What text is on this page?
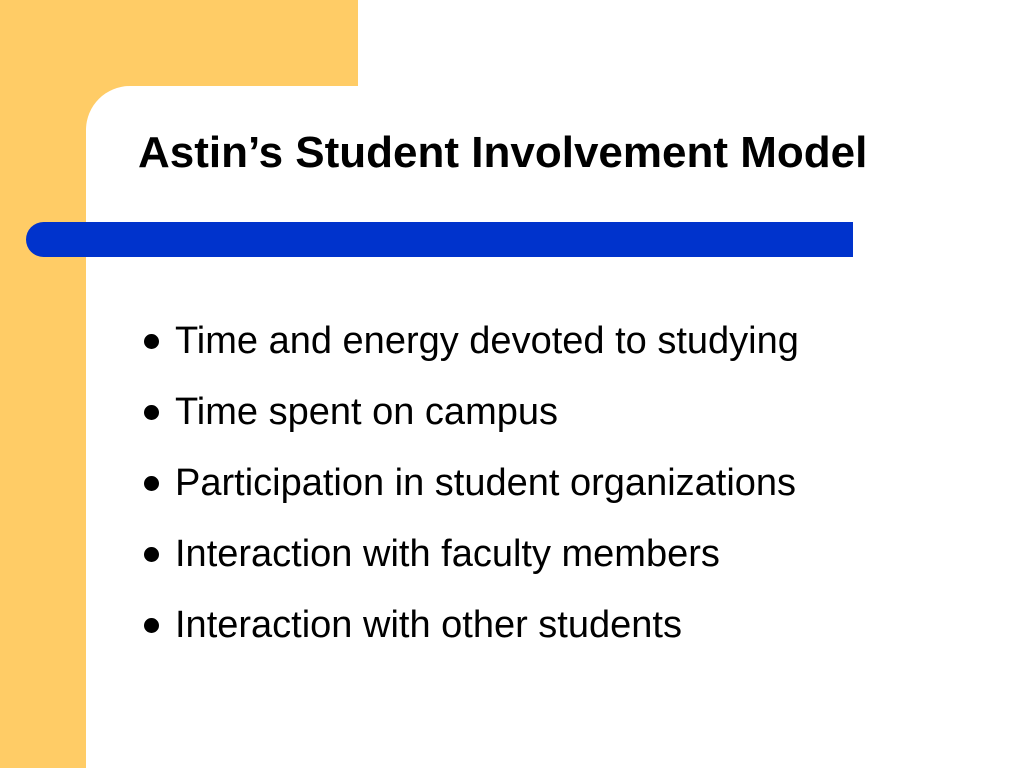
Astin’s Student Involvement Model
Time and energy devoted to studying
Time spent on campus
Participation in student organizations
Interaction with faculty members
Interaction with other students
